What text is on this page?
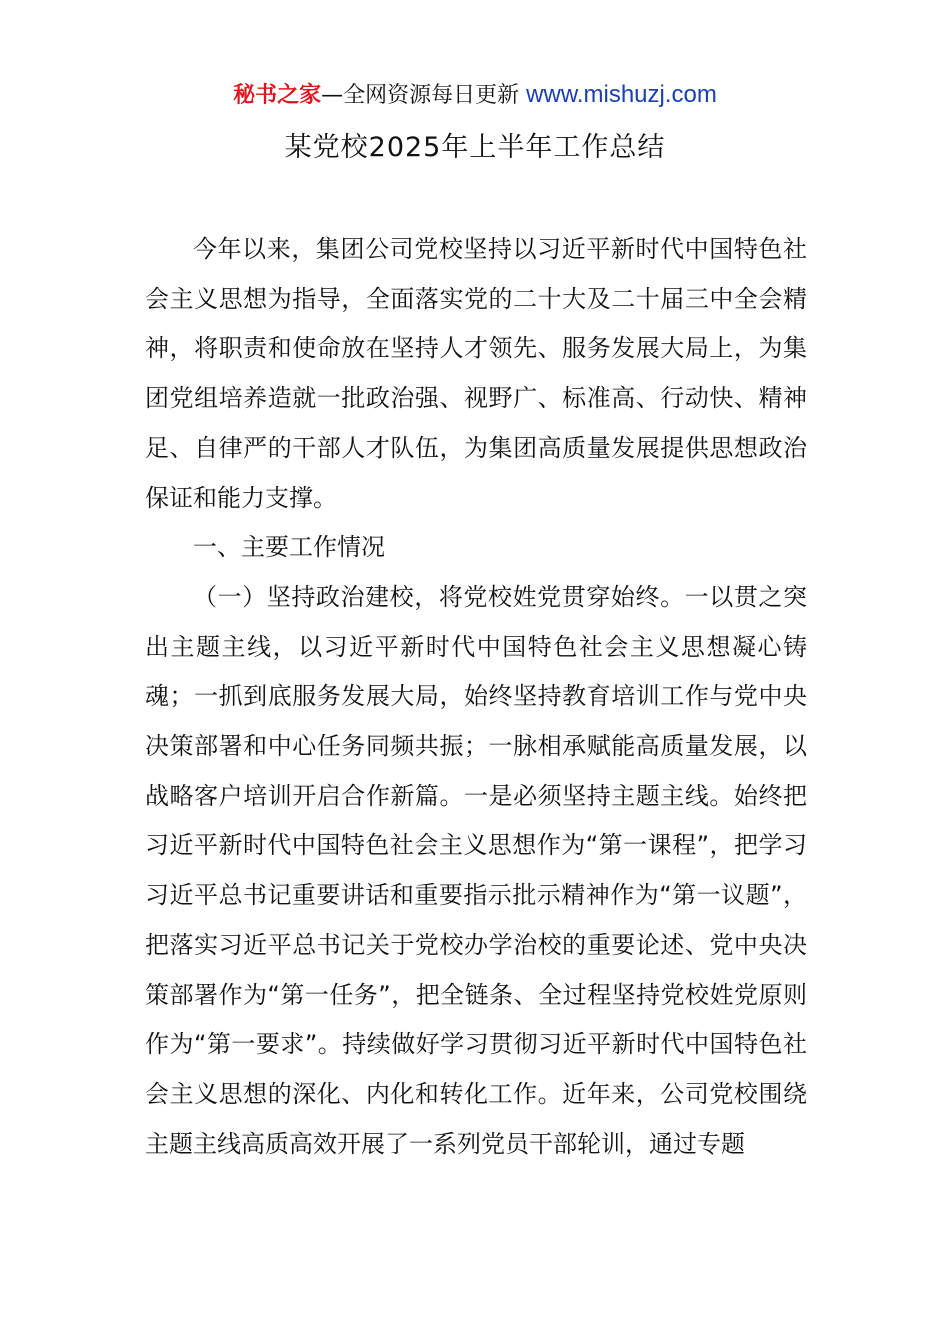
秘书之家—全网资源每日更新 www.mishuzj.com
某党校2025年上半年工作总结

今年以来，集团公司党校坚持以习近平新时代中国特色社会主义思想为指导，全面落实党的二十大及二十届三中全会精神，将职责和使命放在坚持人才领先、服务发展大局上，为集团党组培养造就一批政治强、视野广、标准高、行动快、精神足、自律严的干部人才队伍，为集团高质量发展提供思想政治保证和能力支撑。

一、主要工作情况

（一）坚持政治建校，将党校姓党贯穿始终。一以贯之突出主题主线，以习近平新时代中国特色社会主义思想凝心铸魂；一抓到底服务发展大局，始终坚持教育培训工作与党中央决策部署和中心任务同频共振；一脉相承赋能高质量发展，以战略客户培训开启合作新篇。一是必须坚持主题主线。始终把习近平新时代中国特色社会主义思想作为“第一课程”，把学习习近平总书记重要讲话和重要指示批示精神作为“第一议题”，把落实习近平总书记关于党校办学治校的重要论述、党中央决策部署作为“第一任务”，把全链条、全过程坚持党校姓党原则作为“第一要求”。持续做好学习贯彻习近平新时代中国特色社会主义思想的深化、内化和转化工作。近年来，公司党校围绕主题主线高质高效开展了一系列党员干部轮训，通过专题
